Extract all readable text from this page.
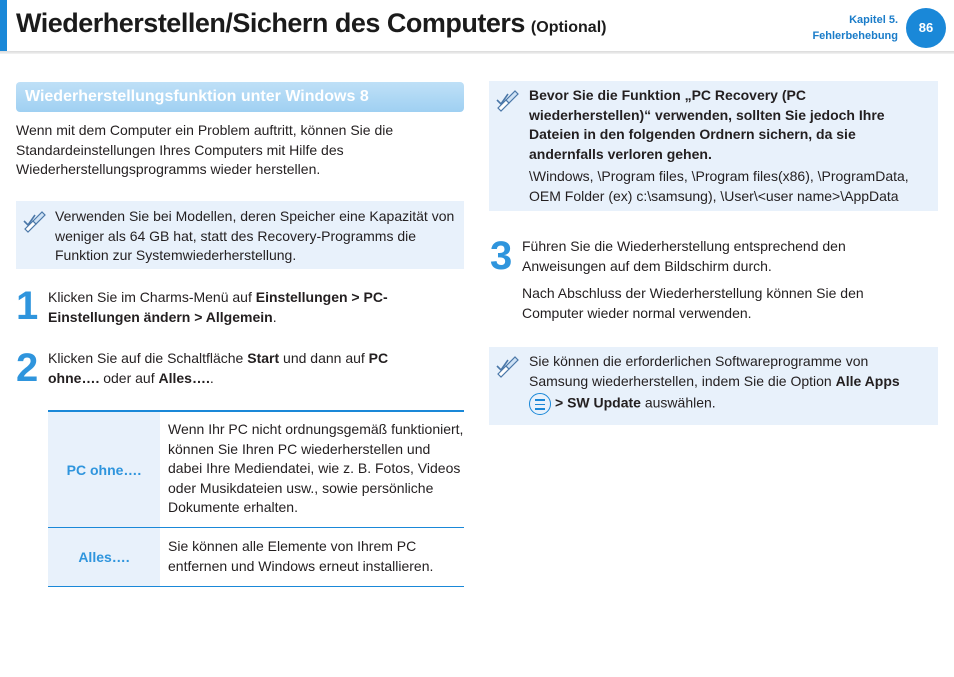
Wiederherstellen/Sichern des Computers (Optional)	Kapitel 5.
Fehlerbehebung
86
Wiederherstellungsfunktion unter Windows 8
Wenn mit dem Computer ein Problem auftritt, können Sie die Standardeinstellungen Ihres Computers mit Hilfe des Wiederherstellungsprogramms wieder herstellen.
Verwenden Sie bei Modellen, deren Speicher eine Kapazität von weniger als 64 GB hat, statt des Recovery-Programms die Funktion zur Systemwiederherstellung.
1 Klicken Sie im Charms-Menü auf Einstellungen > PC-Einstellungen ändern > Allgemein.
2 Klicken Sie auf die Schaltfläche Start und dann auf PC ohne…. oder auf Alles…..
PC ohne….
Wenn Ihr PC nicht ordnungsgemäß funktioniert, können Sie Ihren PC wiederherstellen und dabei Ihre Mediendatei, wie z. B. Fotos, Videos oder Musikdateien usw., sowie persönliche Dokumente erhalten.
Alles….
Sie können alle Elemente von Ihrem PC entfernen und Windows erneut installieren.
Bevor Sie die Funktion „PC Recovery (PC wiederherstellen)“ verwenden, sollten Sie jedoch Ihre Dateien in den folgenden Ordnern sichern, da sie andernfalls verloren gehen.
\Windows, \Program files, \Program files(x86), \ProgramData, OEM Folder (ex) c:\samsung), \User\<user name>\AppData
3 Führen Sie die Wiederherstellung entsprechend den Anweisungen auf dem Bildschirm durch.
Nach Abschluss der Wiederherstellung können Sie den Computer wieder normal verwenden.
Sie können die erforderlichen Softwareprogramme von Samsung wiederherstellen, indem Sie die Option Alle Apps
> SW Update auswählen.
